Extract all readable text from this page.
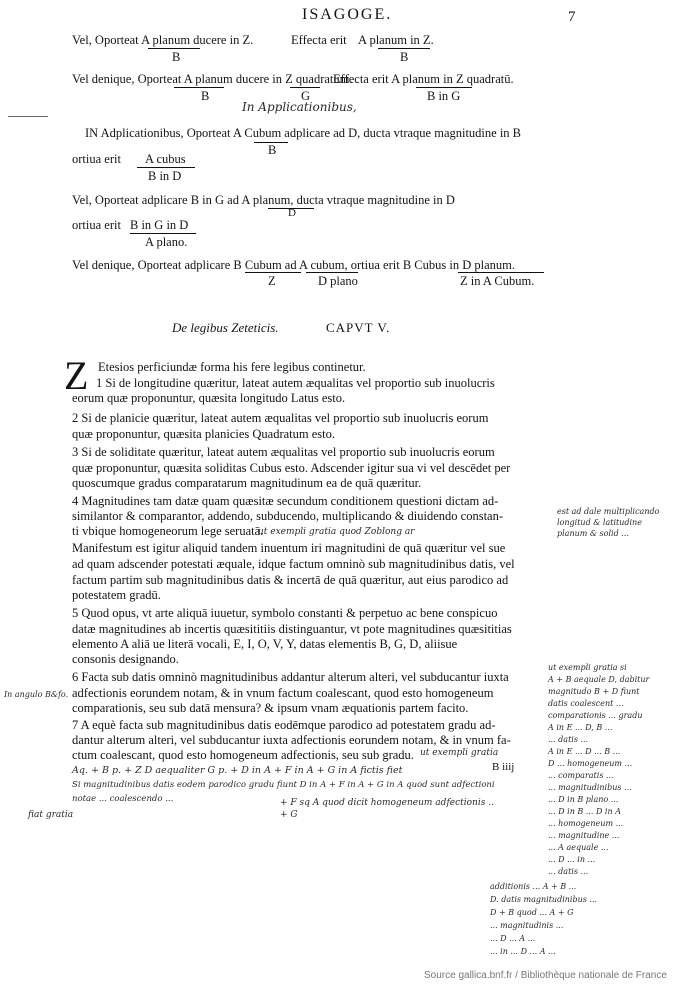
ISAGOGE.	7
Vel, Oporteat A planum ducere in Z.	Effecta erit A planum in Z.
B	B
Vel denique, Oporteat A planum ducere in Z quadratum.
Effecta erit A planum in Z quadratū.
B	G	B in G
In Applicationibus,
IN Adplicationibus, Oporteat A Cubum adplicare ad D, ducta vtraque magnitudine in B
B
ortiua erit A cubus
B in D
Vel, Oporteat adplicare B in G ad A planum, ducta vtraque magnitudine in D
D
ortiua erit B in G in D
A plano.
Vel denique, Oporteat adplicare B Cubum ad A cubum, ortiua erit B Cubus in D planum.
Z	D plano	Z in A Cubum.
De legibus Zeteticis.	CAPVT V.
Z Etesios perficiundæ forma his fere legibus continetur.
1 Si de longitudine quæritur, lateat autem æqualitas vel proportio sub inuolucris
eorum quæ proponuntur, quæsita longitudo Latus esto.
2 Si de planicie quæritur, lateat autem æqualitas vel proportio sub inuolucris eorum
quæ proponuntur, quæsita planicies Quadratum esto.
3 Si de soliditate quæritur, lateat autem æqualitas vel proportio sub inuolucris eorum
quæ proponuntur, quæsita soliditas Cubus esto. Adscender igitur sua vi vel descēdet per
quoscumque gradus comparatarum magnitudinum ea de quā quæritur.
4 Magnitudines tam datæ quam quæsitæ secundum conditionem questioni dictam ad-
similantor & comparantor, addendo, subducendo, multiplicando & diuidendo constan-
ti vbique homogeneorum lege seruatā.
ut exempli gratia quod Zoblong ar
Manifestum est igitur aliquid tandem inuentum iri magnitudini de quā quæritur vel sue
ad quam adscender potestati æquale, idque factum omninò sub magnitudinibus datis, vel
factum partim sub magnitudinibus datis & incertā de quā quæritur, aut eius parodico ad
potestatem gradū.
5 Quod opus, vt arte aliquā iuuetur, symbolo constanti & perpetuo ac bene conspicuo
datæ magnitudines ab incertis quæsititiis distinguantur, vt pote magnitudines quæsititias
elemento A aliā ue literā vocali, E, I, O, V, Y, datas elementis B, G, D, aliisue
consonis designando.
6 Facta sub datis omninò magnitudinibus addantur alterum alteri, vel subducantur iuxta
adfectionis eorundem notam, & in vnum factum coalescant, quod esto homogeneum
comparationis, seu sub datā mensura? & ipsum vnam æquationis partem facito.
7 A equè facta sub magnitudinibus datis eodēmque parodico ad potestatem gradu ad-
dantur alterum alteri, vel subducantur iuxta adfectionis eorundem notam, & in vnum fa-
ctum coalescant, quod esto homogeneum adfectionis, seu sub gradu. ut exempli gratia
Aq. + B p. + Z D aequaliter G p. + D in A + F in A + G in A fictis fiet	B iiij
Si magnitudinibus datis eodem parodico gradu fiunt D in A + F in A + G in A quod sunt adfectioni
notae ... coalescendo ...	+ F sq A quod dicit homogeneum adfectionis ..
+ G
In angulo B&fo.
fiat gratia
est ad dale multiplicando
longitud & latitudine
planum & solid ...
ut exempli gratia si
A + B aequale D, dabitur
magnitudo B + D fiunt
datis coalescent ...
comparationis ... gradu
A in E ... D, B ...
... datis ...
A in E ... D ... B ...
D ... homogeneum ...
... comparatis ...
... magnitudinibus ...
... D in B plano ...
... D in B ... D in A
... homogeneum ...
... magnitudine ...
... A aequale ...
... D ... in ...
... datis ...
additionis ... A + B ...
D. datis magnitudinibus ...
D + B quod ... A + G
... magnitudinis ...
... D ... A ...
... in ... D ... A ...
Source gallica.bnf.fr / Bibliothèque nationale de France
